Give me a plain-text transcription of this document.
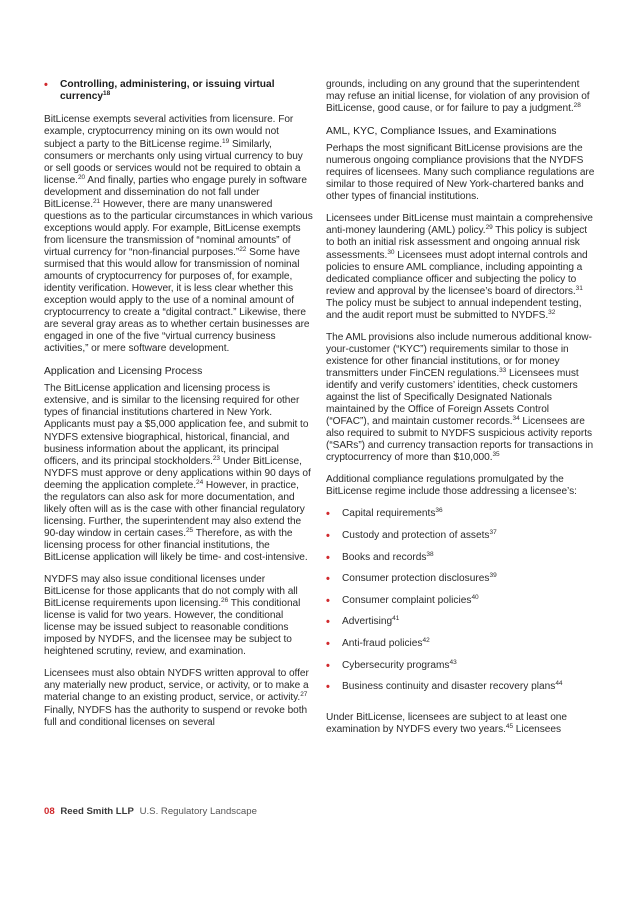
• Controlling, administering, or issuing virtual currency$^{18}$

BitLicense exempts several activities from licensure. For example, cryptocurrency mining on its own would not subject a party to the BitLicense regime.$^{19}$ Similarly, consumers or merchants only using virtual currency to buy or sell goods or services would not be required to obtain a license.$^{20}$ And finally, parties who engage purely in software development and dissemination do not fall under BitLicense.$^{21}$ However, there are many unanswered questions as to the particular circumstances in which various exceptions would apply. For example, BitLicense exempts from licensure the transmission of “nominal amounts” of virtual currency for “non-financial purposes.”$^{22}$ Some have surmised that this would allow for transmission of nominal amounts of cryptocurrency for purposes of, for example, identity verification. However, it is less clear whether this exception would apply to the use of a nominal amount of cryptocurrency to create a “digital contract.” Likewise, there are several gray areas as to whether certain businesses are engaged in one of the five “virtual currency business activities,” or mere software development.

Application and Licensing Process

The BitLicense application and licensing process is extensive, and is similar to the licensing required for other types of financial institutions chartered in New York. Applicants must pay a $5,000 application fee, and submit to NYDFS extensive biographical, historical, financial, and business information about the applicant, its principal officers, and its principal stockholders.$^{23}$ Under BitLicense, NYDFS must approve or deny applications within 90 days of deeming the application complete.$^{24}$ However, in practice, the regulators can also ask for more documentation, and likely often will as is the case with other financial regulatory licensing. Further, the superintendent may also extend the 90-day window in certain cases.$^{25}$ Therefore, as with the licensing process for other financial institutions, the BitLicense application will likely be time- and cost-intensive.

NYDFS may also issue conditional licenses under BitLicense for those applicants that do not comply with all BitLicense requirements upon licensing.$^{26}$ This conditional license is valid for two years. However, the conditional license may be issued subject to reasonable conditions imposed by NYDFS, and the licensee may be subject to heightened scrutiny, review, and examination.

Licensees must also obtain NYDFS written approval to offer any materially new product, service, or activity, or to make a material change to an existing product, service, or activity.$^{27}$ Finally, NYDFS has the authority to suspend or revoke both full and conditional licenses on several

grounds, including on any ground that the superintendent may refuse an initial license, for violation of any provision of BitLicense, good cause, or for failure to pay a judgment.$^{28}$

AML, KYC, Compliance Issues, and Examinations

Perhaps the most significant BitLicense provisions are the numerous ongoing compliance provisions that the NYDFS requires of licensees. Many such compliance regulations are similar to those required of New York-chartered banks and other types of financial institutions.

Licensees under BitLicense must maintain a comprehensive anti-money laundering (AML) policy.$^{29}$ This policy is subject to both an initial risk assessment and ongoing annual risk assessments.$^{30}$ Licensees must adopt internal controls and policies to ensure AML compliance, including appointing a dedicated compliance officer and subjecting the policy to review and approval by the licensee’s board of directors.$^{31}$ The policy must be subject to annual independent testing, and the audit report must be submitted to NYDFS.$^{32}$

The AML provisions also include numerous additional know-your-customer (“KYC”) requirements similar to those in existence for other financial institutions, or for money transmitters under FinCEN regulations.$^{33}$ Licensees must identify and verify customers’ identities, check customers against the list of Specifically Designated Nationals maintained by the Office of Foreign Assets Control (“OFAC”), and maintain customer records.$^{34}$ Licensees are also required to submit to NYDFS suspicious activity reports (“SARs”) and currency transaction reports for transactions in cryptocurrency of more than $10,000.35

Additional compliance regulations promulgated by the BitLicense regime include those addressing a licensee’s:

• Capital requirements$^{36}$
• Custody and protection of assets$^{37}$
• Books and records$^{38}$
• Consumer protection disclosures$^{39}$
• Consumer complaint policies$^{40}$
• Advertising$^{41}$
• Anti-fraud policies$^{42}$
• Cybersecurity programs$^{43}$
• Business continuity and disaster recovery plans$^{44}$

Under BitLicense, licensees are subject to at least one examination by NYDFS every two years.$^{45}$ Licensees

08 Reed Smith LLP U.S. Regulatory Landscape
